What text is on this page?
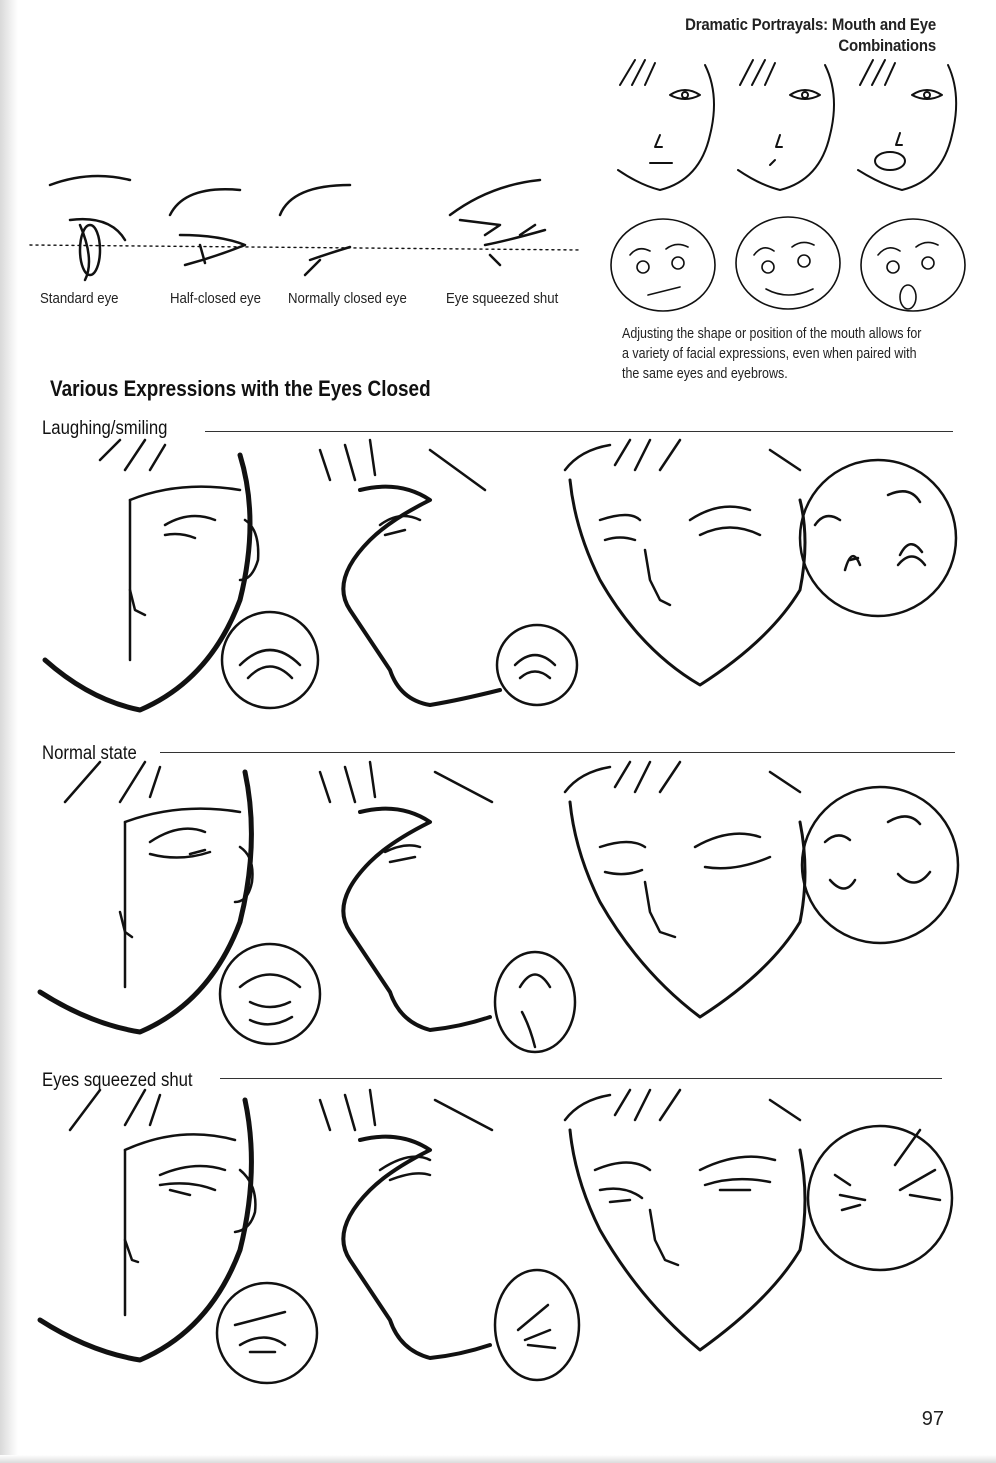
Dramatic Portrayals: Mouth and Eye
Combinations
Standard eye	Half-closed eye Normally closed eye	Eye squeezed shut
Adjusting the shape or position of the mouth allows for a variety of facial expressions, even when paired with the same eyes and eyebrows.
Various Expressions with the Eyes Closed
Laughing/smiling
Normal state
Eyes squeezed shut
97
